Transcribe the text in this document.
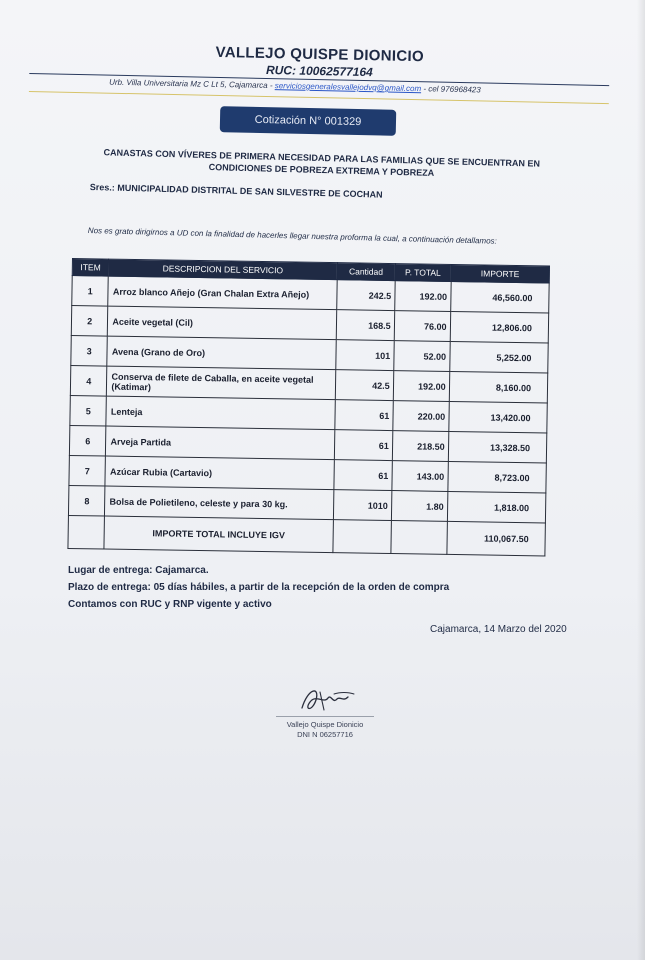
VALLEJO QUISPE DIONICIO
RUC: 10062577164
Urb. Villa Universitaria Mz C Lt 5, Cajamarca - serviciosgeneralesvallejodvq@gmail.com - cel 976968423
Cotización N° 001329
CANASTAS CON VÍVERES DE PRIMERA NECESIDAD PARA LAS FAMILIAS QUE SE ENCUENTRAN EN CONDICIONES DE POBREZA EXTREMA Y POBREZA
Sres.: MUNICIPALIDAD DISTRITAL DE SAN SILVESTRE DE COCHAN
Nos es grato dirigirnos a UD con la finalidad de hacerles llegar nuestra proforma la cual, a continuación detallamos:
ITEM	DESCRIPCION DEL SERVICIO	Cantidad	P. TOTAL	IMPORTE
1	Arroz blanco Añejo (Gran Chalan Extra Añejo)	242.5	192.00	46,560.00
2	Aceite vegetal (Cil)	168.5	76.00	12,806.00
3	Avena (Grano de Oro)	101	52.00	5,252.00
4	Conserva de filete de Caballa, en aceite vegetal (Katimar)	42.5	192.00	8,160.00
5	Lenteja	61	220.00	13,420.00
6	Arveja Partida	61	218.50	13,328.50
7	Azúcar Rubia (Cartavio)	61	143.00	8,723.00
8	Bolsa de Polietileno, celeste y para 30 kg.	1010	1.80	1,818.00
	IMPORTE TOTAL INCLUYE IGV			110,067.50
Lugar de entrega: Cajamarca.
Plazo de entrega: 05 días hábiles, a partir de la recepción de la orden de compra
Contamos con RUC y RNP vigente y activo
Cajamarca, 14 Marzo del 2020
Vallejo Quispe Dionicio
DNI N 06257716
